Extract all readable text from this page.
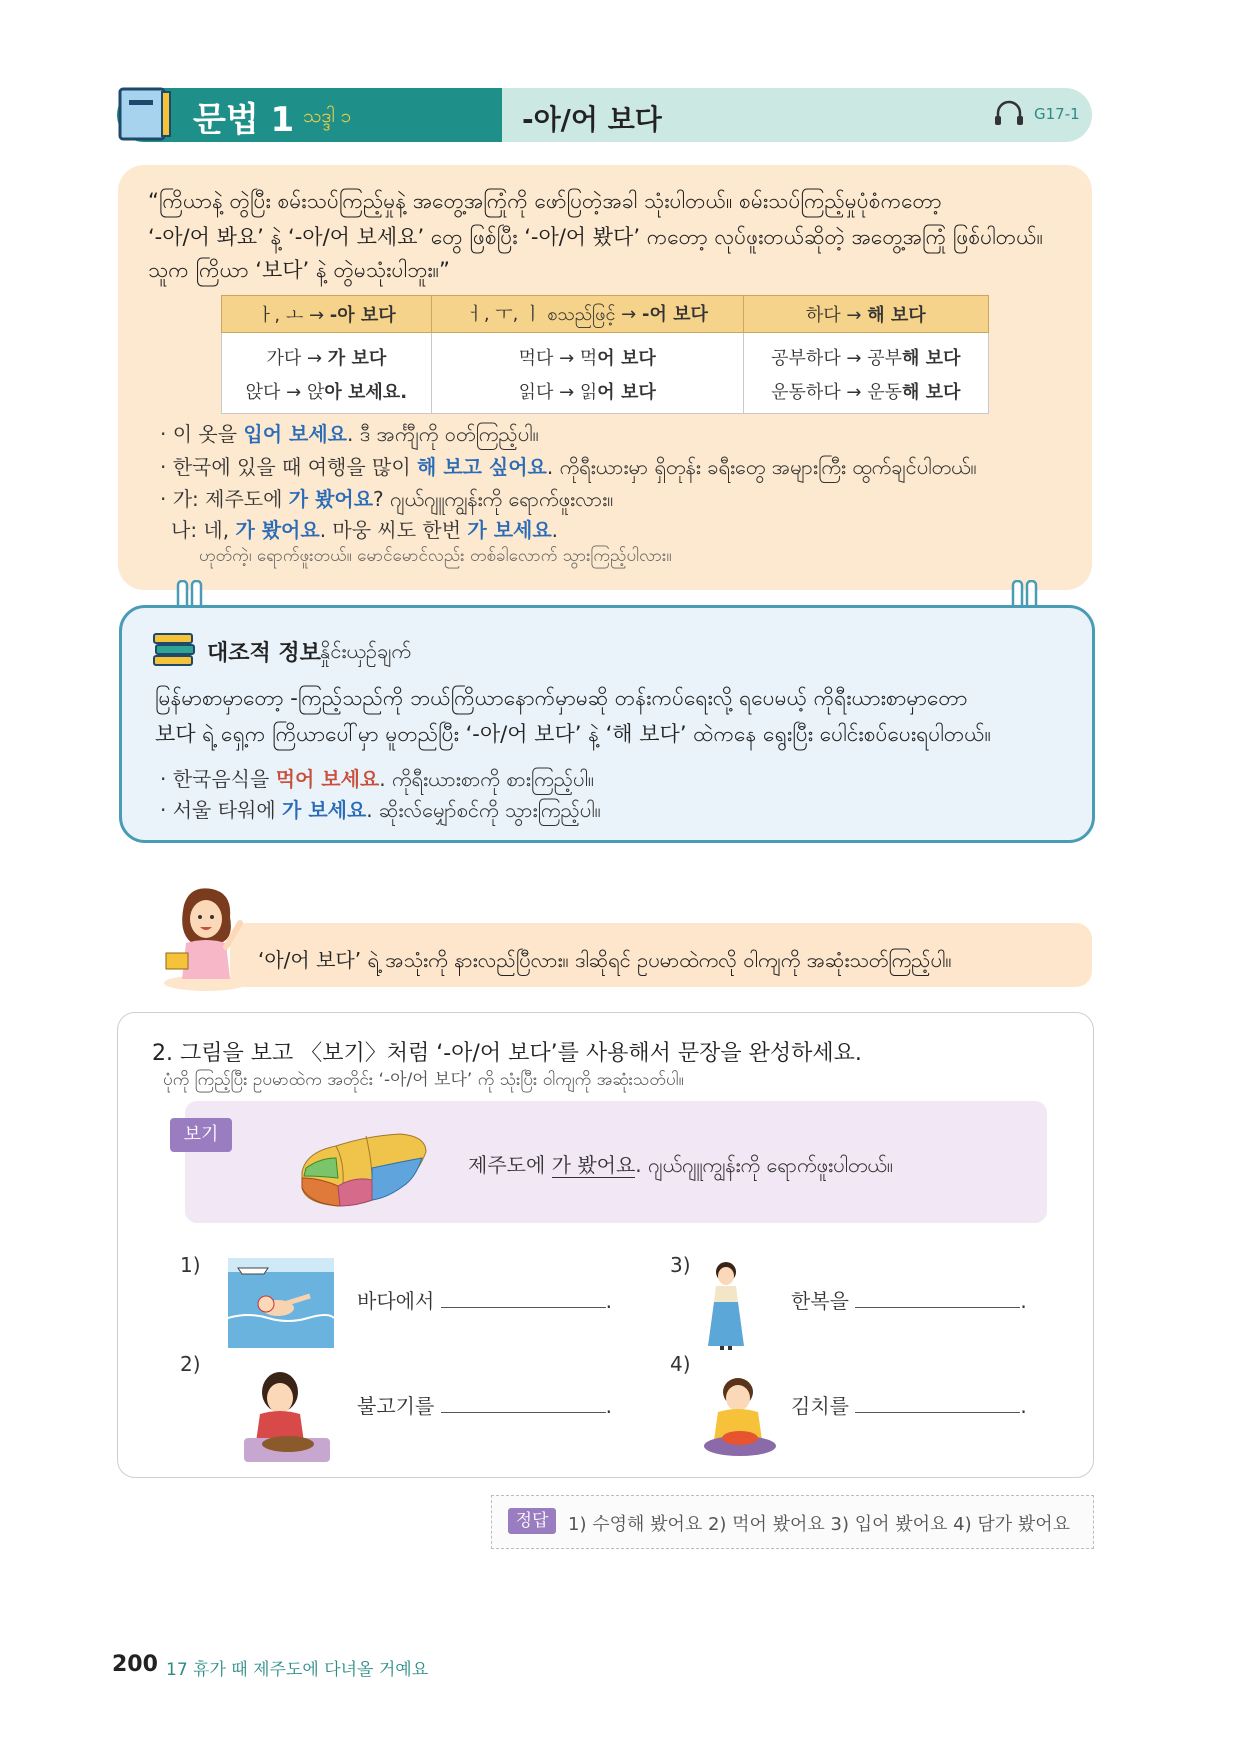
문법 1 သဒ္ဒါ ၁	-아/어 보다	G17-1
“ကြိယာနဲ့ တွဲပြီး စမ်းသပ်ကြည့်မှုနဲ့ အတွေ့အကြုံကို ဖော်ပြတဲ့အခါ သုံးပါတယ်။ စမ်းသပ်ကြည့်မှုပုံစံကတော့
‘-아/어 봐요’ နဲ့ ‘-아/어 보세요’ တွေ ဖြစ်ပြီး ‘-아/어 봤다’ ကတော့ လုပ်ဖူးတယ်ဆိုတဲ့ အတွေ့အကြုံ ဖြစ်ပါတယ်။
သူက ကြိယာ ‘보다’ နဲ့ တွဲမသုံးပါဘူး။”
ㅏ, ㅗ → -아 보다	ㅓ, ㅜ, ㅣ စသည်ဖြင့် → -어 보다	하다 → 해 보다
가다 → 가 보다	먹다 → 먹어 보다	공부하다 → 공부해 보다
앉다 → 앉아 보세요.	읽다 → 읽어 보다	운동하다 → 운동해 보다
· 이 옷을 입어 보세요. ဒီ အင်္ကျီကို ဝတ်ကြည့်ပါ။
· 한국에 있을 때 여행을 많이 해 보고 싶어요. ကိုရီးယားမှာ ရှိတုန်း ခရီးတွေ အများကြီး ထွက်ချင်ပါတယ်။
· 가: 제주도에 가 봤어요? ဂျယ်ဂျူကျွန်းကို ရောက်ဖူးလား။
나: 네, 가 봤어요. 마웅 씨도 한번 가 보세요.
ဟုတ်ကဲ့၊ ရောက်ဖူးတယ်။ မောင်မောင်လည်း တစ်ခါလောက် သွားကြည့်ပါလား။
대조적 정보 နှိုင်းယှဉ်ချက်
မြန်မာစာမှာတော့ -ကြည့်သည်ကို ဘယ်ကြိယာနောက်မှာမဆို တန်းကပ်ရေးလို့ ရပေမယ့် ကိုရီးယားစာမှာတော
보다 ရဲ့ ရှေ့က ကြိယာပေါ်မှာ မူတည်ပြီး ‘-아/어 보다’ နဲ့ ‘해 보다’ ထဲကနေ ရွေးပြီး ပေါင်းစပ်ပေးရပါတယ်။
· 한국음식을 먹어 보세요. ကိုရီးယားစာကို စားကြည့်ပါ။
· 서울 타워에 가 보세요. ဆိုးလ်မျှော်စင်ကို သွားကြည့်ပါ။
‘아/어 보다’ ရဲ့ အသုံးကို နားလည်ပြီလား။ ဒါဆိုရင် ဥပမာထဲကလို ဝါကျကို အဆုံးသတ်ကြည့်ပါ။
2. 그림을 보고 〈보기〉처럼 ‘-아/어 보다’를 사용해서 문장을 완성하세요.
ပုံကို ကြည့်ပြီး ဥပမာထဲက အတိုင်း ‘-아/어 보다’ ကို သုံးပြီး ဝါကျကို အဆုံးသတ်ပါ။
보기
제주도에 가 봤어요. ဂျယ်ဂျူကျွန်းကို ရောက်ဖူးပါတယ်။
1)
바다에서	.
2)
불고기를	.
3)
한복을	.
4)
김치를	.
정답	1) 수영해 봤어요 2) 먹어 봤어요 3) 입어 봤어요 4) 담가 봤어요
200 17 휴가 때 제주도에 다녀올 거예요
